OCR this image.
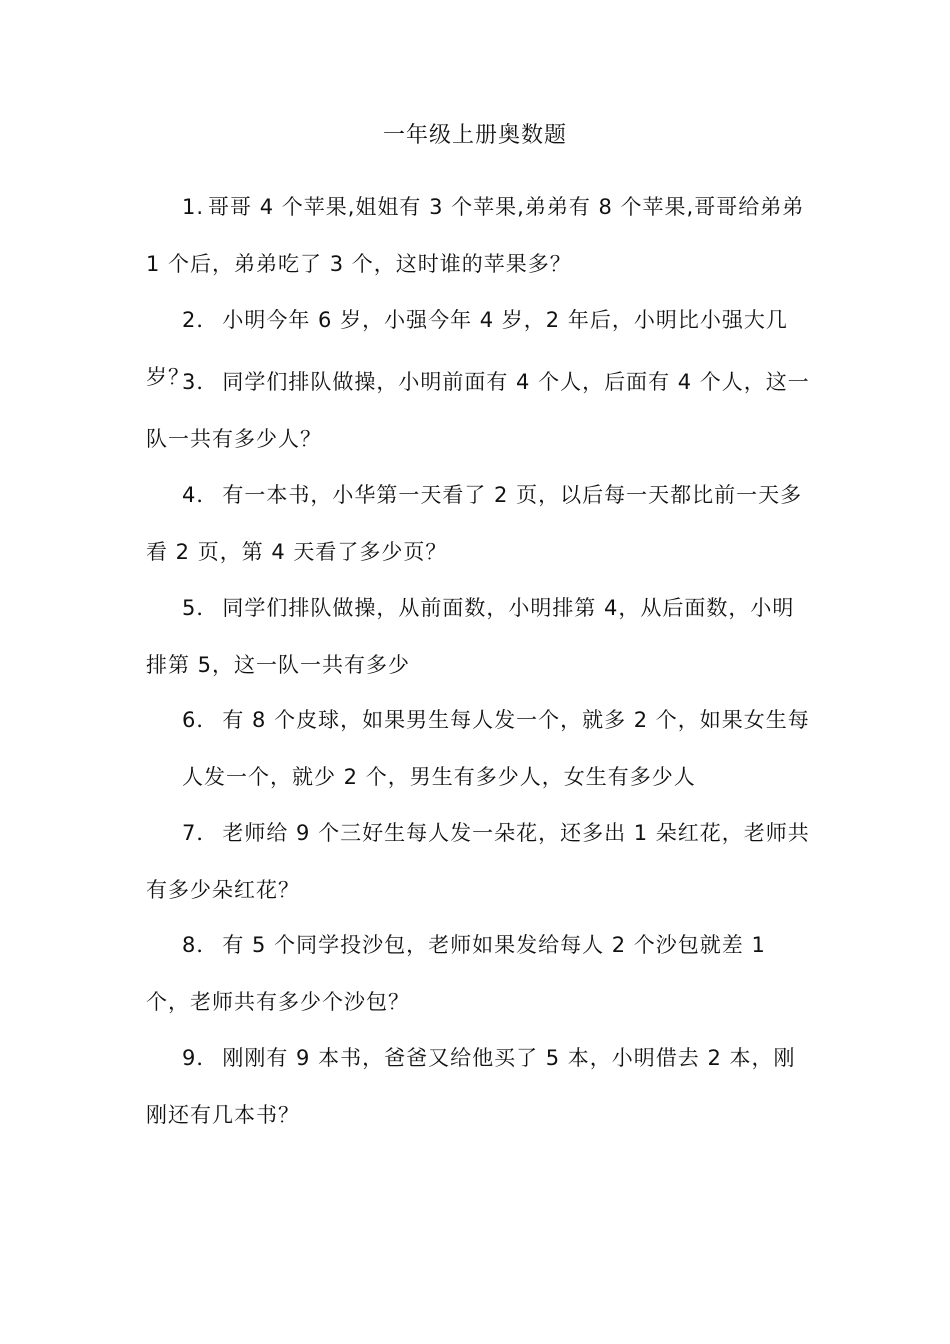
一年级上册奥数题

1. 哥哥 4 个苹果,姐姐有 3 个苹果,弟弟有 8 个苹果,哥哥给弟弟 1 个后，弟弟吃了 3 个，这时谁的苹果多？

2． 小明今年 6 岁，小强今年 4 岁，2 年后，小明比小强大几岁？

3． 同学们排队做操，小明前面有 4 个人，后面有 4 个人，这一队一共有多少人？

4． 有一本书，小华第一天看了 2 页，以后每一天都比前一天多看 2 页，第 4 天看了多少页？

5． 同学们排队做操，从前面数，小明排第 4，从后面数，小明排第 5，这一队一共有多少

6． 有 8 个皮球，如果男生每人发一个，就多 2 个，如果女生每人发一个，就少 2 个，男生有多少人，女生有多少人

7． 老师给 9 个三好生每人发一朵花，还多出 1 朵红花，老师共有多少朵红花？

8． 有 5 个同学投沙包，老师如果发给每人 2 个沙包就差 1 个，老师共有多少个沙包？

9． 刚刚有 9 本书，爸爸又给他买了 5 本，小明借去 2 本，刚刚还有几本书？
